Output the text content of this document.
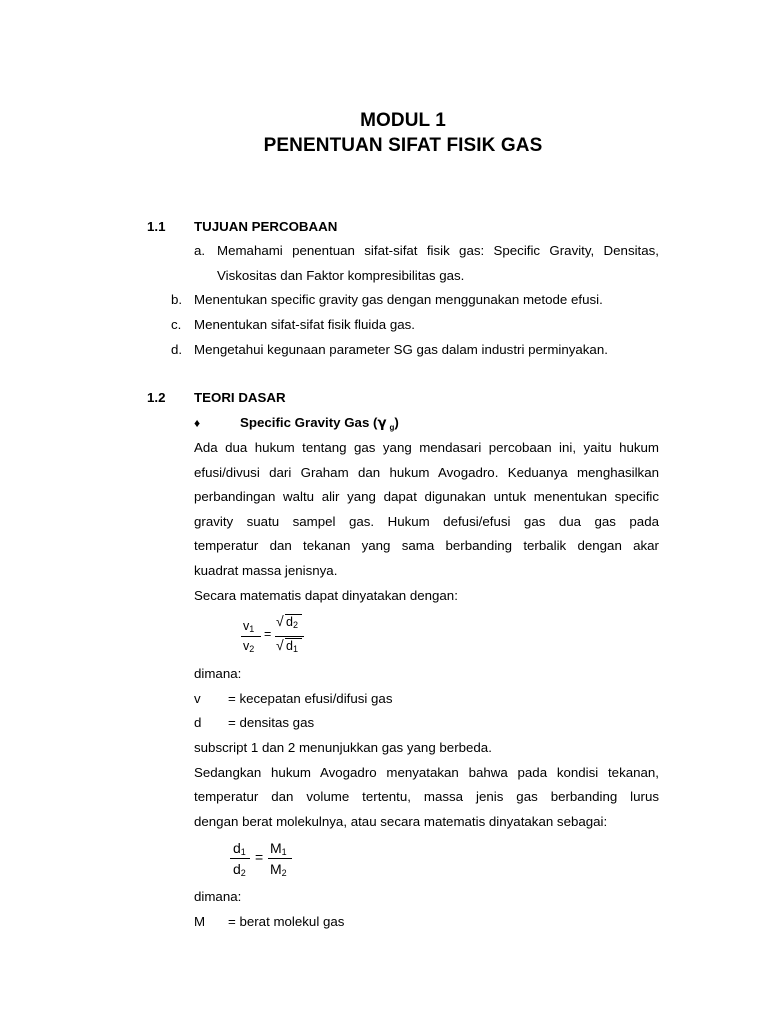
MODUL 1
PENENTUAN SIFAT FISIK GAS
1.1 TUJUAN PERCOBAAN
a. Memahami penentuan sifat-sifat fisik gas: Specific Gravity, Densitas,
Viskositas dan Faktor kompresibilitas gas.
b. Menentukan specific gravity gas dengan menggunakan metode efusi.
c. Menentukan sifat-sifat fisik fluida gas.
d. Mengetahui kegunaan parameter SG gas dalam industri perminyakan.
1.2 TEORI DASAR
♦	Specific Gravity Gas (γ $_g$)
Ada dua hukum tentang gas yang mendasari percobaan ini, yaitu hukum
efusi/divusi dari Graham dan hukum Avogadro. Keduanya menghasilkan
perbandingan waltu alir yang dapat digunakan untuk menentukan specific
gravity suatu sampel gas. Hukum defusi/efusi gas dua gas pada
temperatur dan tekanan yang sama berbanding terbalik dengan akar
kuadrat massa jenisnya.
Secara matematis dapat dinyatakan dengan:
$v_1$
$v_2$
=
√ $d_2$
√ $d_1$
dimana:
v = kecepatan efusi/difusi gas
d = densitas gas
subscript 1 dan 2 menunjukkan gas yang berbeda.
Sedangkan hukum Avogadro menyatakan bahwa pada kondisi tekanan,
temperatur dan volume tertentu, massa jenis gas berbanding lurus
dengan berat molekulnya, atau secara matematis dinyatakan sebagai:
$d_1$
$d_2$
=
$M_1$
$M_2$
dimana:
M = berat molekul gas
